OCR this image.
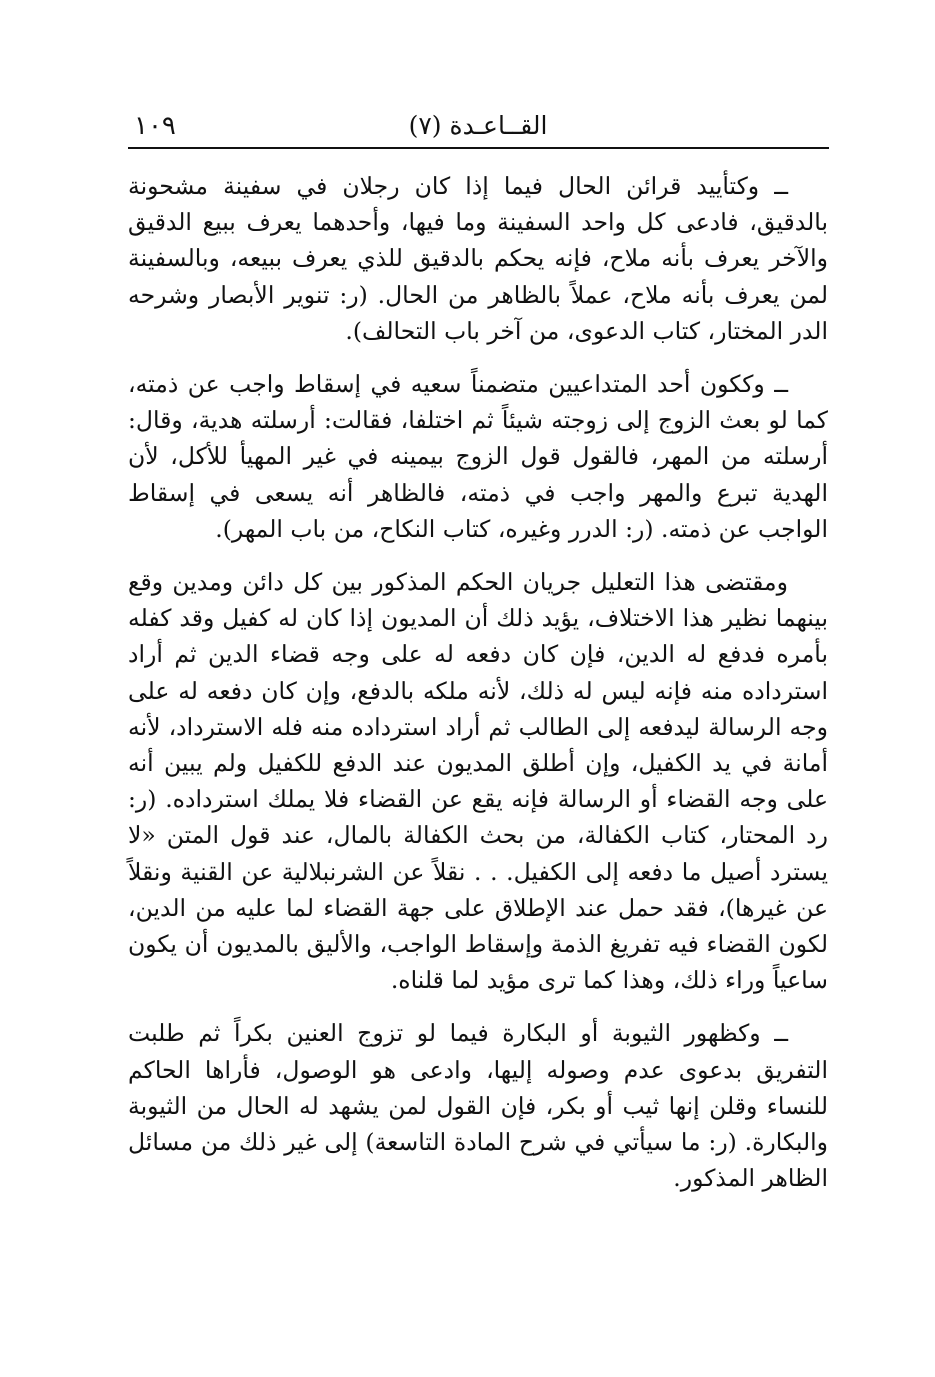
القــاعـدة (٧)
١٠٩

ــ وكتأييد قرائن الحال فيما إذا كان رجلان في سفينة مشحونة بالدقيق، فادعى كل واحد السفينة وما فيها، وأحدهما يعرف ببيع الدقيق والآخر يعرف بأنه ملاح، فإنه يحكم بالدقيق للذي يعرف ببيعه، وبالسفينة لمن يعرف بأنه ملاح، عملاً بالظاهر من الحال. (ر: تنوير الأبصار وشرحه الدر المختار، كتاب الدعوى، من آخر باب التحالف).

ــ وككون أحد المتداعيين متضمناً سعيه في إسقاط واجب عن ذمته، كما لو بعث الزوج إلى زوجته شيئاً ثم اختلفا، فقالت: أرسلته هدية، وقال: أرسلته من المهر، فالقول قول الزوج بيمينه في غير المهيأ للأكل، لأن الهدية تبرع والمهر واجب في ذمته، فالظاهر أنه يسعى في إسقاط الواجب عن ذمته. (ر: الدرر وغيره، كتاب النكاح، من باب المهر).

ومقتضى هذا التعليل جريان الحكم المذكور بين كل دائن ومدين وقع بينهما نظير هذا الاختلاف، يؤيد ذلك أن المديون إذا كان له كفيل وقد كفله بأمره فدفع له الدين، فإن كان دفعه له على وجه قضاء الدين ثم أراد استرداده منه فإنه ليس له ذلك، لأنه ملكه بالدفع، وإن كان دفعه له على وجه الرسالة ليدفعه إلى الطالب ثم أراد استرداده منه فله الاسترداد، لأنه أمانة في يد الكفيل، وإن أطلق المديون عند الدفع للكفيل ولم يبين أنه على وجه القضاء أو الرسالة فإنه يقع عن القضاء فلا يملك استرداده. (ر: رد المحتار، كتاب الكفالة، من بحث الكفالة بالمال، عند قول المتن «لا يسترد أصيل ما دفعه إلى الكفيل. . . نقلاً عن الشرنبلالية عن القنية ونقلاً عن غيرها)، فقد حمل عند الإطلاق على جهة القضاء لما عليه من الدين، لكون القضاء فيه تفريغ الذمة وإسقاط الواجب، والأليق بالمديون أن يكون ساعياً وراء ذلك، وهذا كما ترى مؤيد لما قلناه.

ــ وكظهور الثيوبة أو البكارة فيما لو تزوج العنين بكراً ثم طلبت التفريق بدعوى عدم وصوله إليها، وادعى هو الوصول، فأراها الحاكم للنساء وقلن إنها ثيب أو بكر، فإن القول لمن يشهد له الحال من الثيوبة والبكارة. (ر: ما سيأتي في شرح المادة التاسعة) إلى غير ذلك من مسائل الظاهر المذكور.
